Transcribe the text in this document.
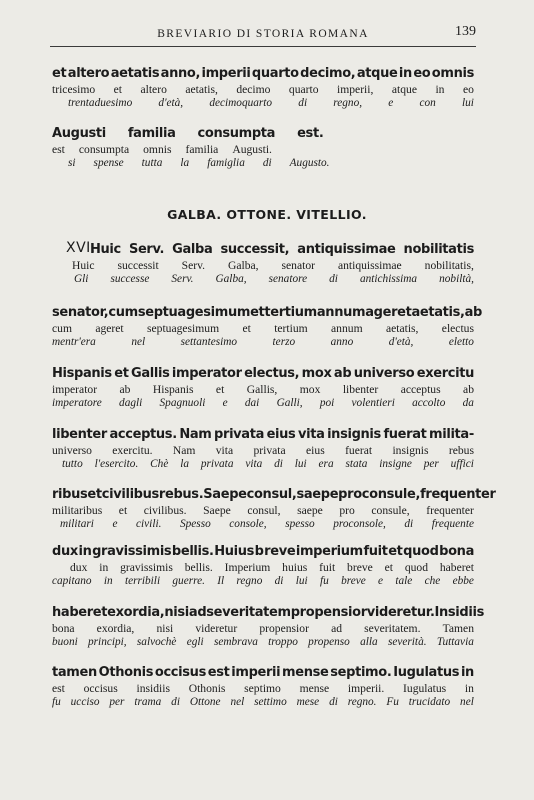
BREVIARIO DI STORIA ROMANA	139
et altero aetatis anno, imperii quarto decimo, atque in eo omnis
tricesimo et altero aetatis, decimo quarto imperii, atque in eo
trentaduesimo d'età, decimoquarto di regno, e con lui
Augusti familia consumpta est.
est consumpta omnis familia Augusti.
si spense tutta la famiglia di Augusto.
GALBA. OTTONE. VITELLIO.
Huic Serv. Galba successit, antiquissimae nobilitatis
XVI.
Huic successit Serv. Galba, senator antiquissimae nobilitatis,
Gli successe Serv. Galba, senatore di antichissima nobiltà,
senator, cum septuagesimum et tertium annum ageret aetatis, ab
cum ageret septuagesimum et tertium annum aetatis, electus
mentr'era	nel	settantesimo	terzo	anno	d'età,	eletto
Hispanis et Gallis imperator electus, mox ab universo exercitu
imperator ab Hispanis et Gallis, mox libenter acceptus ab
imperatore dagli Spagnuoli e dai Galli, poi volentieri accolto da
libenter acceptus. Nam privata eius vita insignis fuerat milita-
universo exercitu. Nam vita privata eius fuerat insignis rebus
tutto l'esercito. Chè la privata vita di lui era stata insigne per uffici
ribus et civilibus rebus. Saepe consul, saepe pro consule, frequenter
militaribus et civilibus. Saepe consul, saepe pro consule, frequenter
militari e civili. Spesso console, spesso proconsole, di frequente
dux in gravissimis bellis. Huius b reve imperium fuit et quod bona
dux in gravissimis bellis. Imperium huius fuit breve et quod haberet
capitano in terribili guerre. Il regno di lui fu breve e tale che ebbe
haberet exordia, nisi ad severitatem propensior videretur. Insidiis
bona exordia, nisi videretur propensior ad severitatem. Tamen
buoni principi, salvochè egli sembrava troppo propenso alla severità. Tuttavia
tamen Othonis occisus est imperii mense septimo. Iugulatus in
est occisus insidiis Othonis septimo mense imperii. Iugulatus in
fu ucciso per trama di Ottone nel settimo mese di regno. Fu trucidato nel
